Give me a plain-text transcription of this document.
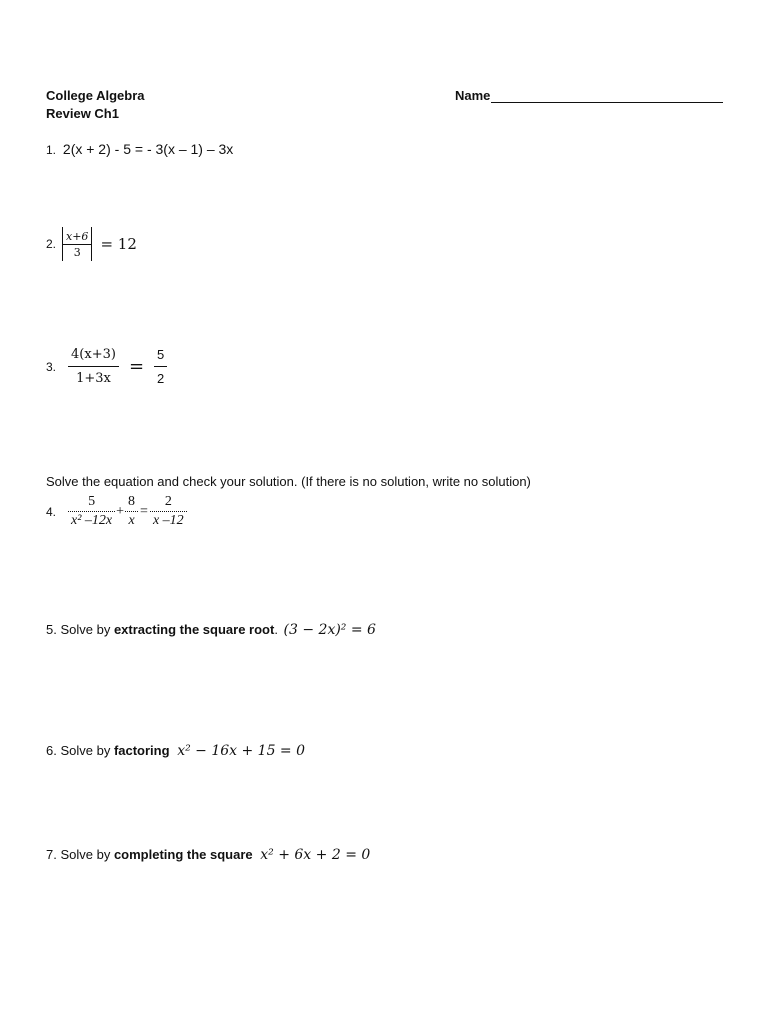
College Algebra
Review Ch1
Name
1. 2(x + 2) - 5 = - 3(x – 1) – 3x
2. $\frac{x+6}{3} = 12$
3. $\frac{4(x+3)}{1+3x} = \frac{5}{2}$
Solve the equation and check your solution. (If there is no solution, write no solution)
4. $\frac{5}{\text{x² –12x}} + \frac{8}{x} = \frac{2}{x -12}$
5. Solve by extracting the square root. (3 − 2x)² = 6
6. Solve by factoring x² − 16x + 15 = 0
7. Solve by completing the square x² + 6x + 2 = 0
